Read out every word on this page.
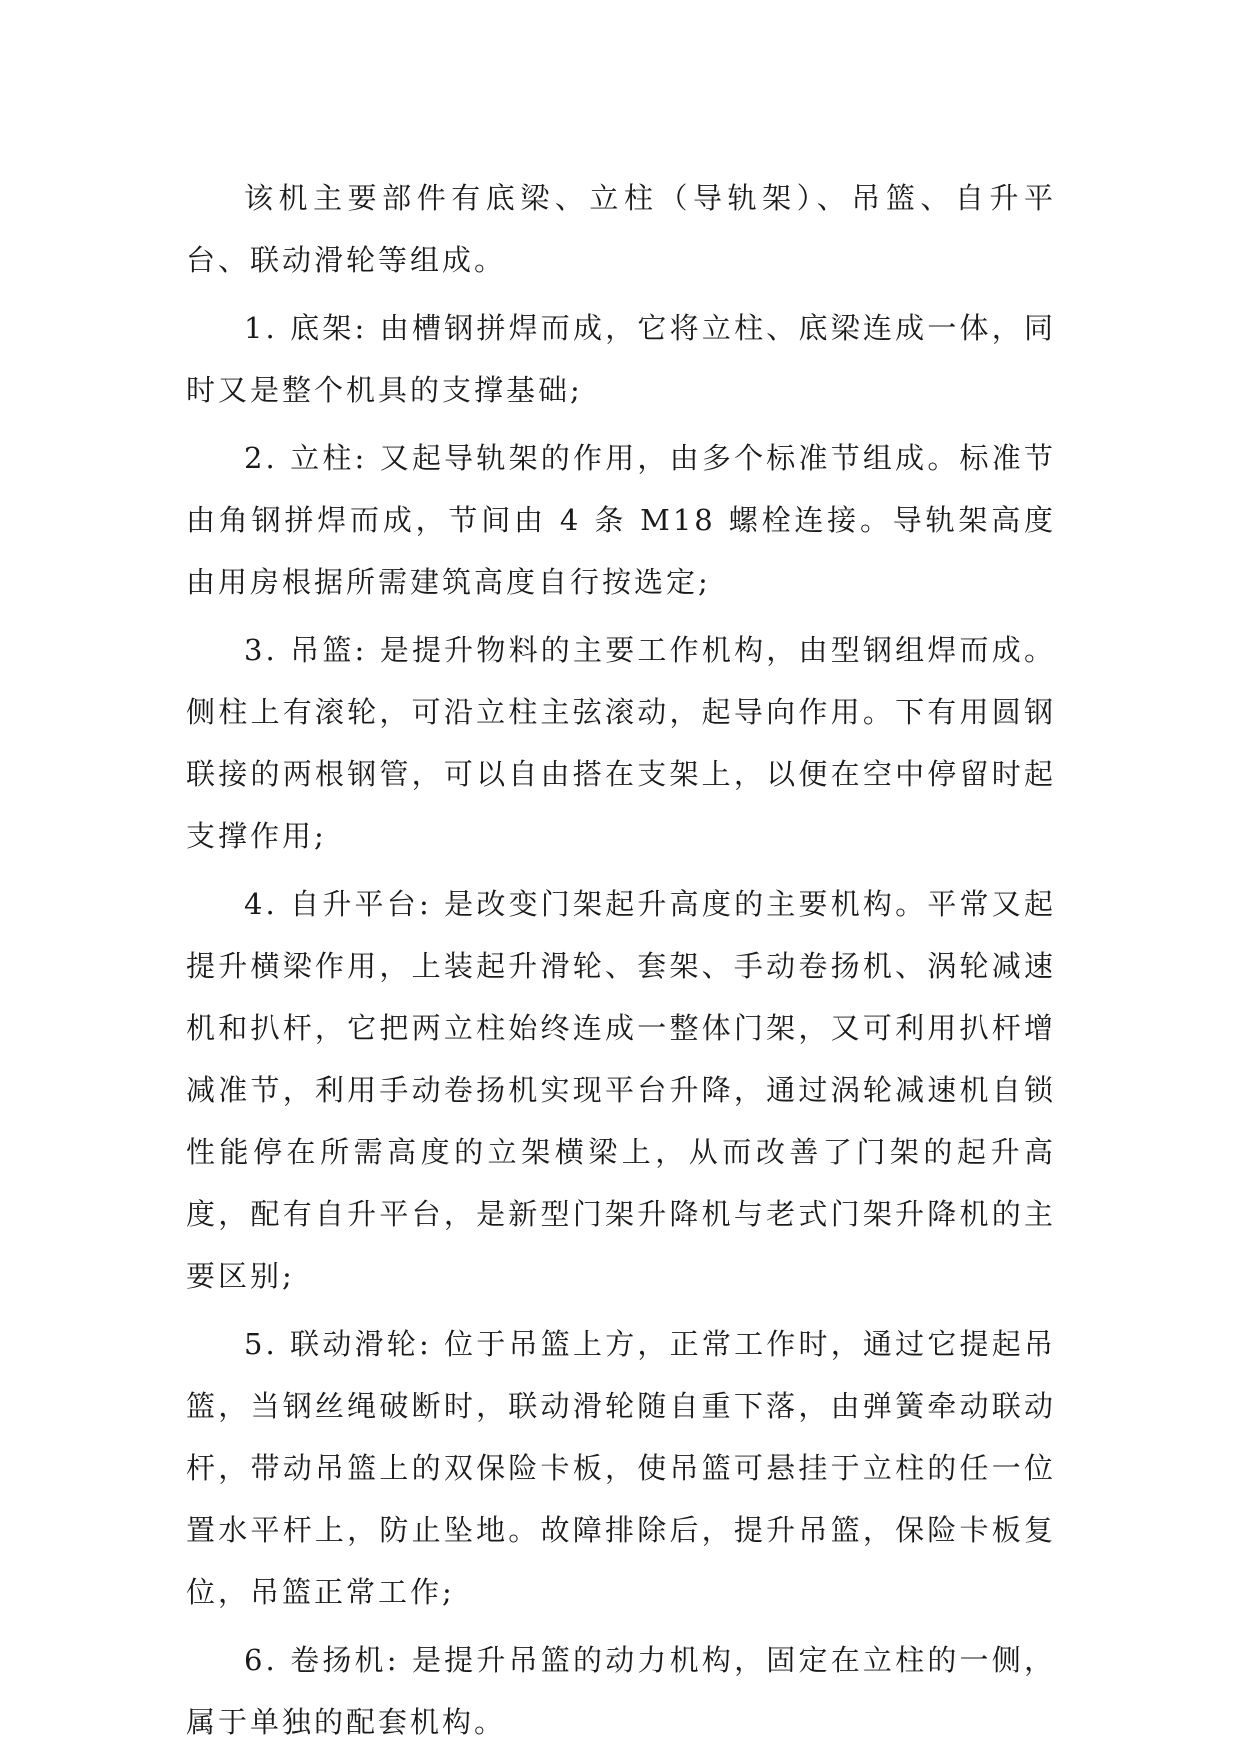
该机主要部件有底梁、立柱（导轨架）、吊篮、自升平台、联动滑轮等组成。

1. 底架: 由槽钢拼焊而成，它将立柱、底梁连成一体，同时又是整个机具的支撑基础;

2. 立柱: 又起导轨架的作用，由多个标准节组成。标准节由角钢拼焊而成，节间由 4 条 M18 螺栓连接。导轨架高度由用房根据所需建筑高度自行按选定;

3. 吊篮: 是提升物料的主要工作机构，由型钢组焊而成。侧柱上有滚轮，可沿立柱主弦滚动，起导向作用。下有用圆钢联接的两根钢管，可以自由搭在支架上，以便在空中停留时起支撑作用;

4. 自升平台: 是改变门架起升高度的主要机构。平常又起提升横梁作用，上装起升滑轮、套架、手动卷扬机、涡轮减速机和扒杆，它把两立柱始终连成一整体门架，又可利用扒杆增减准节，利用手动卷扬机实现平台升降，通过涡轮减速机自锁性能停在所需高度的立架横梁上，从而改善了门架的起升高度，配有自升平台，是新型门架升降机与老式门架升降机的主要区别;

5. 联动滑轮: 位于吊篮上方，正常工作时，通过它提起吊篮，当钢丝绳破断时，联动滑轮随自重下落，由弹簧牵动联动杆，带动吊篮上的双保险卡板，使吊篮可悬挂于立柱的任一位置水平杆上，防止坠地。故障排除后，提升吊篮，保险卡板复位，吊篮正常工作;

6. 卷扬机: 是提升吊篮的动力机构，固定在立柱的一侧，属于单独的配套机构。
